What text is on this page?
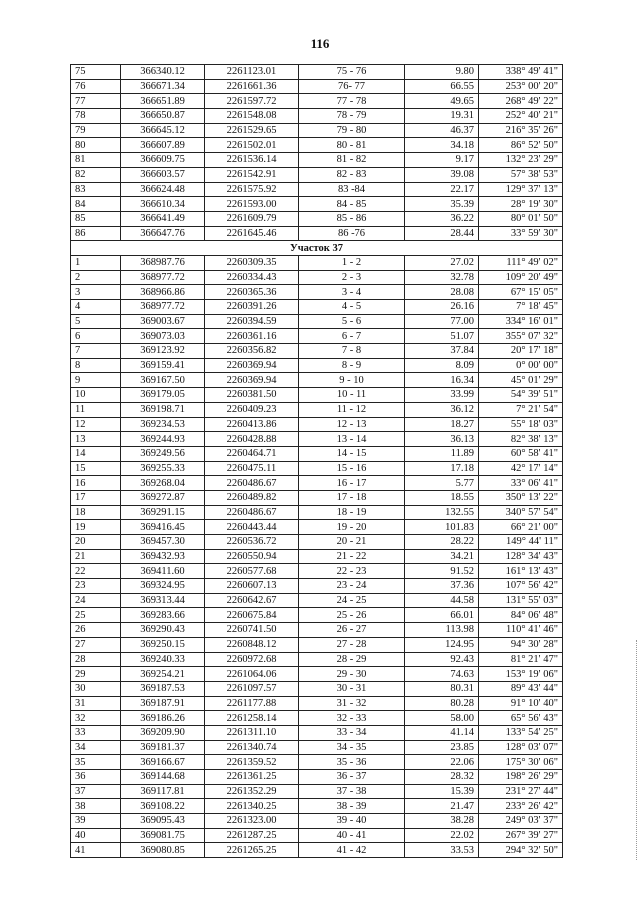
116
75	366340.12	2261123.01	75 - 76	9.80	338° 49' 41"
76	366671.34	2261661.36	76- 77	66.55	253° 00' 20"
77	366651.89	2261597.72	77 - 78	49.65	268° 49' 22"
78	366650.87	2261548.08	78 - 79	19.31	252° 40' 21"
79	366645.12	2261529.65	79 - 80	46.37	216° 35' 26"
80	366607.89	2261502.01	80 - 81	34.18	86° 52' 50"
81	366609.75	2261536.14	81 - 82	9.17	132° 23' 29"
82	366603.57	2261542.91	82 - 83	39.08	57° 38' 53"
83	366624.48	2261575.92	83 -84	22.17	129° 37' 13"
84	366610.34	2261593.00	84 - 85	35.39	28° 19' 30"
85	366641.49	2261609.79	85 - 86	36.22	80° 01' 50"
86	366647.76	2261645.46	86 -76	28.44	33° 59' 30"
Участок 37					
1	368987.76	2260309.35	1 - 2	27.02	111° 49' 02"
2	368977.72	2260334.43	2 - 3	32.78	109° 20' 49"
3	368966.86	2260365.36	3 - 4	28.08	67° 15' 05"
4	368977.72	2260391.26	4 - 5	26.16	7° 18' 45"
5	369003.67	2260394.59	5 - 6	77.00	334° 16' 01"
6	369073.03	2260361.16	6 - 7	51.07	355° 07' 32"
7	369123.92	2260356.82	7 - 8	37.84	20° 17' 18"
8	369159.41	2260369.94	8 - 9	8.09	0° 00' 00"
9	369167.50	2260369.94	9 - 10	16.34	45° 01' 29"
10	369179.05	2260381.50	10 - 11	33.99	54° 39' 51"
11	369198.71	2260409.23	11 - 12	36.12	7° 21' 54"
12	369234.53	2260413.86	12 - 13	18.27	55° 18' 03"
13	369244.93	2260428.88	13 - 14	36.13	82° 38' 13"
14	369249.56	2260464.71	14 - 15	11.89	60° 58' 41"
15	369255.33	2260475.11	15 - 16	17.18	42° 17' 14"
16	369268.04	2260486.67	16 - 17	5.77	33° 06' 41"
17	369272.87	2260489.82	17 - 18	18.55	350° 13' 22"
18	369291.15	2260486.67	18 - 19	132.55	340° 57' 54"
19	369416.45	2260443.44	19 - 20	101.83	66° 21' 00"
20	369457.30	2260536.72	20 - 21	28.22	149° 44' 11"
21	369432.93	2260550.94	21 - 22	34.21	128° 34' 43"
22	369411.60	2260577.68	22 - 23	91.52	161° 13' 43"
23	369324.95	2260607.13	23 - 24	37.36	107° 56' 42"
24	369313.44	2260642.67	24 - 25	44.58	131° 55' 03"
25	369283.66	2260675.84	25 - 26	66.01	84° 06' 48"
26	369290.43	2260741.50	26 - 27	113.98	110° 41' 46"
27	369250.15	2260848.12	27 - 28	124.95	94° 30' 28"
28	369240.33	2260972.68	28 - 29	92.43	81° 21' 47"
29	369254.21	2261064.06	29 - 30	74.63	153° 19' 06"
30	369187.53	2261097.57	30 - 31	80.31	89° 43' 44"
31	369187.91	2261177.88	31 - 32	80.28	91° 10' 40"
32	369186.26	2261258.14	32 - 33	58.00	65° 56' 43"
33	369209.90	2261311.10	33 - 34	41.14	133° 54' 25"
34	369181.37	2261340.74	34 - 35	23.85	128° 03' 07"
35	369166.67	2261359.52	35 - 36	22.06	175° 30' 06"
36	369144.68	2261361.25	36 - 37	28.32	198° 26' 29"
37	369117.81	2261352.29	37 - 38	15.39	231° 27' 44"
38	369108.22	2261340.25	38 - 39	21.47	233° 26' 42"
39	369095.43	2261323.00	39 - 40	38.28	249° 03' 37"
40	369081.75	2261287.25	40 - 41	22.02	267° 39' 27"
41	369080.85	2261265.25	41 - 42	33.53	294° 32' 50"
